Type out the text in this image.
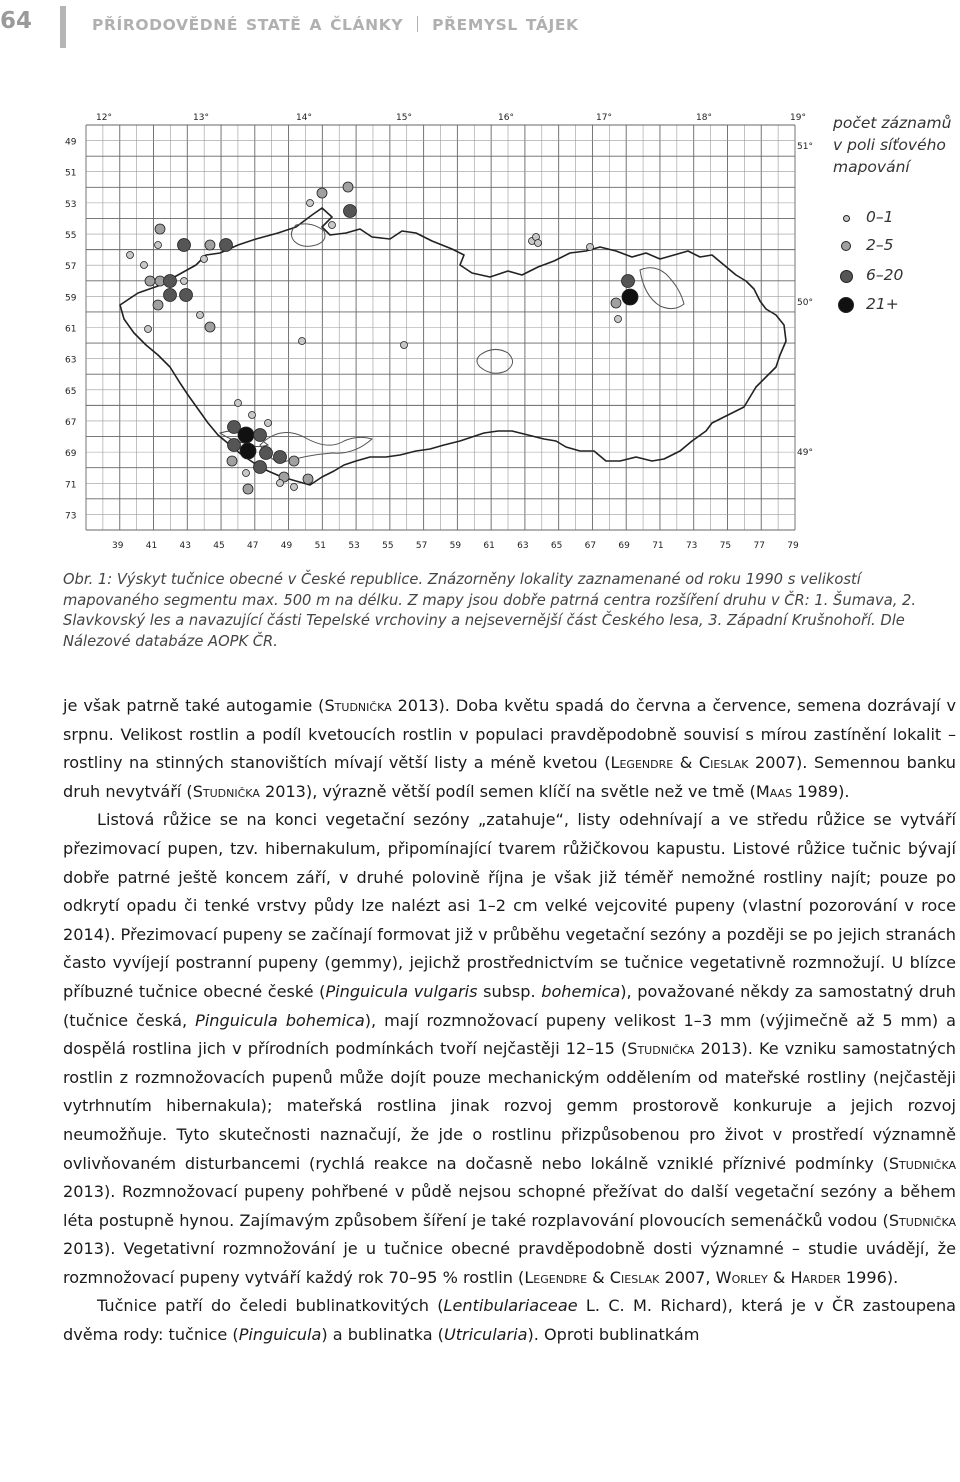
64	PŘÍRODOVĚDNÉ STATĚ A ČLÁNKY PŘEMYSL TÁJEK
12°	13°	14°	15°	16°	17°	18°	19°
39 41 43 45 47 49 51 53 55 57 59 61 63 65 67 69 71 73 75 77 79
49
51
53
55
57
59
61
63
65
67
69
71
73
51°
50°
49°
počet záznamů v poli síťového mapování
0–1
2–5
6–20
21+

Obr. 1: Výskyt tučnice obecné v České republice. Znázorněny lokality zaznamenané od roku 1990 s velikostí mapovaného segmentu max. 500 m na délku. Z mapy jsou dobře patrná centra rozšíření druhu v ČR: 1. Šumava, 2. Slavkovský les a navazující části Tepelské vrchoviny a nejsevernější část Českého lesa, 3. Západní Krušnohoří. Dle Nálezové databáze AOPK ČR.

je však patrně také autogamie (Studnička 2013). Doba květu spadá do června a července, semena dozrávají v srpnu. Velikost rostlin a podíl kvetoucích rostlin v populaci pravděpodobně souvisí s mírou zastínění lokalit – rostliny na stinných stanovištích mívají větší listy a méně kvetou (Legendre & Cieslak 2007). Semennou banku druh nevytváří (Studnička 2013), výrazně větší podíl semen klíčí na světle než ve tmě (Maas 1989).

Listová růžice se na konci vegetační sezóny „zatahuje“, listy odehnívají a ve středu růžice se vytváří přezimovací pupen, tzv. hibernakulum, připomínající tvarem růžičkovou kapustu. Listové růžice tučnic bývají dobře patrné ještě koncem září, v druhé polovině října je však již téměř nemožné rostliny najít; pouze po odkrytí opadu či tenké vrstvy půdy lze nalézt asi 1–2 cm velké vejcovité pupeny (vlastní pozorování v roce 2014). Přezimovací pupeny se začínají formovat již v průběhu vegetační sezóny a později se po jejich stranách často vyvíjejí postranní pupeny (gemmy), jejichž prostřednictvím se tučnice vegetativně rozmnožují. U blízce příbuzné tučnice obecné české (Pinguicula vulgaris subsp. bohemica), považované někdy za samostatný druh (tučnice česká, Pinguicula bohemica), mají rozmnožovací pupeny velikost 1–3 mm (výjimečně až 5 mm) a dospělá rostlina jich v přírodních podmínkách tvoří nejčastěji 12–15 (Studnička 2013). Ke vzniku samostatných rostlin z rozmnožovacích pupenů může dojít pouze mechanickým oddělením od mateřské rostliny (nejčastěji vytrhnutím hibernakula); mateřská rostlina jinak rozvoj gemm prostorově konkuruje a jejich rozvoj neumožňuje. Tyto skutečnosti naznačují, že jde o rostlinu přizpůsobenou pro život v prostředí významně ovlivňovaném disturbancemi (rychlá reakce na dočasně nebo lokálně vzniklé příznivé podmínky (Studnička 2013). Rozmnožovací pupeny pohřbené v půdě nejsou schopné přežívat do další vegetační sezóny a během léta postupně hynou. Zajímavým způsobem šíření je také rozplavování plovoucích semenáčků vodou (Studnička 2013). Vegetativní rozmnožování je u tučnice obecné pravděpodobně dosti významné – studie uvádějí, že rozmnožovací pupeny vytváří každý rok 70–95 % rostlin (Legendre & Cieslak 2007, Worley & Harder 1996).

Tučnice patří do čeledi bublinatkovitých (Lentibulariaceae L. C. M. Richard), která je v ČR zastoupena dvěma rody: tučnice (Pinguicula) a bublinatka (Utricularia). Oproti bublinatkám
